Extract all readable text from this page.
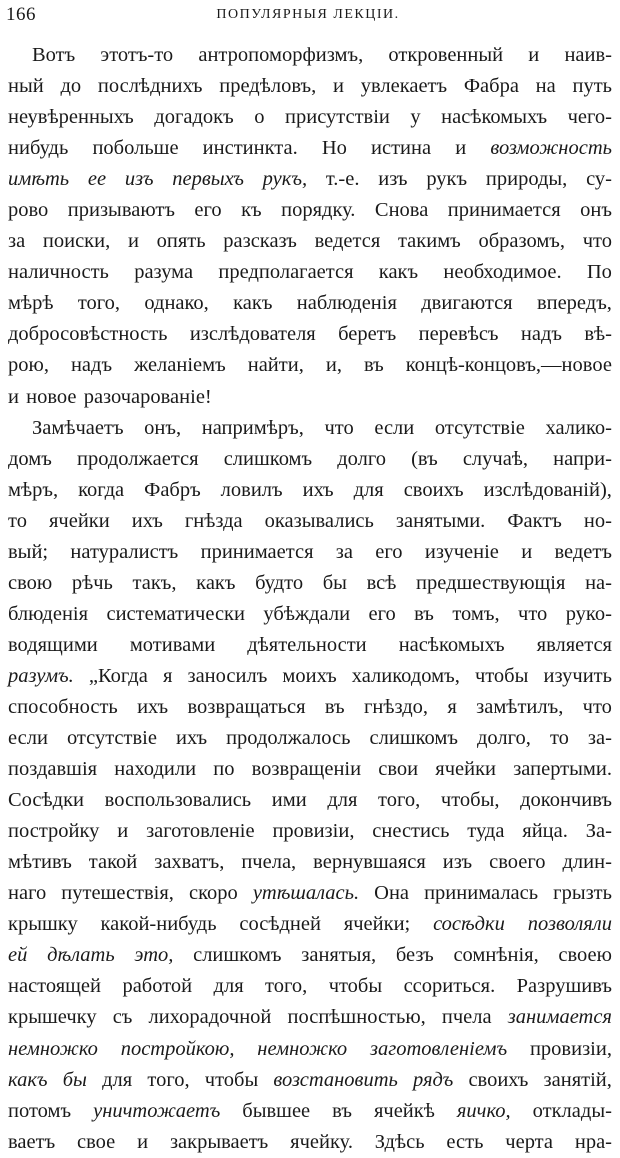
166	ПОПУЛЯРНЫЯ ЛЕКЦІИ.
Вотъ этотъ-то антропоморфизмъ, откровенный и наив-
ный до послѣднихъ предѣловъ, и увлекаетъ Фабра на путь
неувѣренныхъ догадокъ о присутствіи у насѣкомыхъ чего-
нибудь побольше инстинкта. Но истина и возможность
имѣть ее изъ первыхъ рукъ, т.-е. изъ рукъ природы, су-
рово призываютъ его къ порядку. Снова принимается онъ
за поиски, и опять разсказъ ведется такимъ образомъ, что
наличность разума предполагается какъ необходимое. По
мѣрѣ того, однако, какъ наблюденія двигаются впередъ,
добросовѣстность изслѣдователя беретъ перевѣсъ надъ вѣ-
рою, надъ желаніемъ найти, и, въ концѣ-концовъ,—новое
и новое разочарованіе!
Замѣчаетъ онъ, напримѣръ, что если отсутствіе халико-
домъ продолжается слишкомъ долго (въ случаѣ, напри-
мѣръ, когда Фабръ ловилъ ихъ для своихъ изслѣдованій),
то ячейки ихъ гнѣзда оказывались занятыми. Фактъ но-
вый; натуралистъ принимается за его изученіе и ведетъ
свою рѣчь такъ, какъ будто бы всѣ предшествующія на-
блюденія систематически убѣждали его въ томъ, что руко-
водящими мотивами дѣятельности насѣкомыхъ является
разумъ. „Когда я заносилъ моихъ халикодомъ, чтобы изучить
способность ихъ возвращаться въ гнѣздо, я замѣтилъ, что
если отсутствіе ихъ продолжалось слишкомъ долго, то за-
поздавшія находили по возвращеніи свои ячейки запертыми.
Сосѣдки воспользовались ими для того, чтобы, докончивъ
постройку и заготовленіе провизіи, снестись туда яйца. За-
мѣтивъ такой захватъ, пчела, вернувшаяся изъ своего длин-
наго путешествія, скоро утѣшалась. Она принималась грызть
крышку какой-нибудь сосѣдней ячейки; сосѣдки позволяли
ей дѣлать это, слишкомъ занятыя, безъ сомнѣнія, своею
настоящей работой для того, чтобы ссориться. Разрушивъ
крышечку съ лихорадочной поспѣшностью, пчела занимается
немножко постройкою, немножко заготовленіемъ провизіи,
какъ бы для того, чтобы возстановить рядъ своихъ занятій,
потомъ уничтожаетъ бывшее въ ячейкѣ яичко, отклады-
ваетъ свое и закрываетъ ячейку. Здѣсь есть черта нра-
